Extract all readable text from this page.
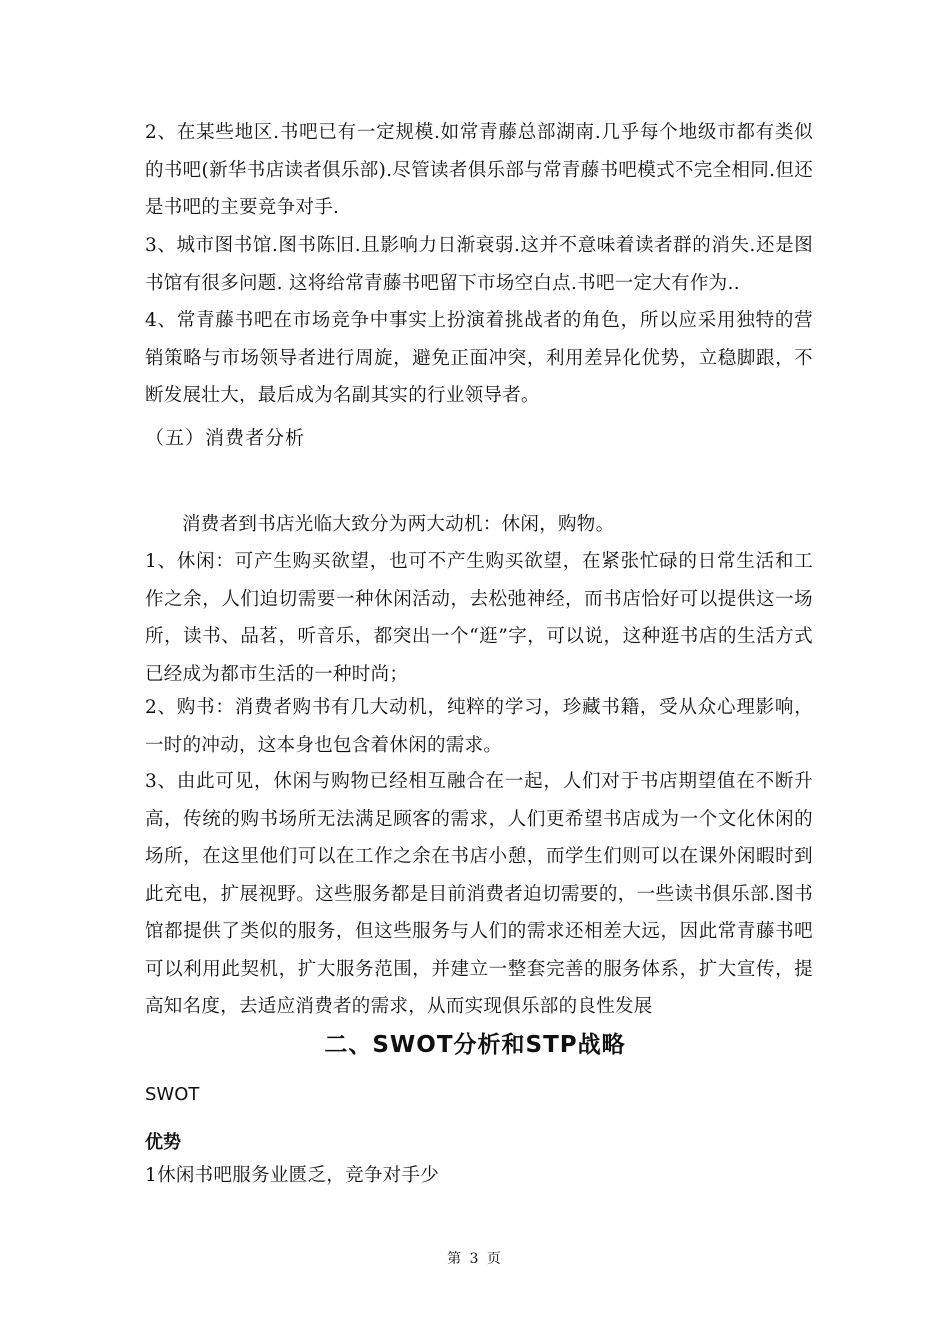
2、在某些地区.书吧已有一定规模.如常青藤总部湖南.几乎每个地级市都有类似的书吧(新华书店读者俱乐部).尽管读者俱乐部与常青藤书吧模式不完全相同.但还是书吧的主要竞争对手.

3、城市图书馆.图书陈旧.且影响力日渐衰弱.这并不意味着读者群的消失.还是图书馆有很多问题. 这将给常青藤书吧留下市场空白点.书吧一定大有作为..

4、常青藤书吧在市场竞争中事实上扮演着挑战者的角色，所以应采用独特的营销策略与市场领导者进行周旋，避免正面冲突，利用差异化优势，立稳脚跟，不断发展壮大，最后成为名副其实的行业领导者。

（五）消费者分析

消费者到书店光临大致分为两大动机：休闲，购物。

1、休闲：可产生购买欲望，也可不产生购买欲望，在紧张忙碌的日常生活和工作之余，人们迫切需要一种休闲活动，去松弛神经，而书店恰好可以提供这一场所，读书、品茗，听音乐，都突出一个“逛”字，可以说，这种逛书店的生活方式已经成为都市生活的一种时尚；

2、购书：消费者购书有几大动机，纯粹的学习，珍藏书籍，受从众心理影响，一时的冲动，这本身也包含着休闲的需求。

3、由此可见，休闲与购物已经相互融合在一起，人们对于书店期望值在不断升高，传统的购书场所无法满足顾客的需求，人们更希望书店成为一个文化休闲的场所，在这里他们可以在工作之余在书店小憩，而学生们则可以在课外闲暇时到此充电，扩展视野。这些服务都是目前消费者迫切需要的，一些读书俱乐部.图书馆都提供了类似的服务，但这些服务与人们的需求还相差大远，因此常青藤书吧可以利用此契机，扩大服务范围，并建立一整套完善的服务体系，扩大宣传，提高知名度，去适应消费者的需求，从而实现俱乐部的良性发展

二、SWOT分析和STP战略

SWOT

优势

1休闲书吧服务业匮乏，竞争对手少

第 3 页
